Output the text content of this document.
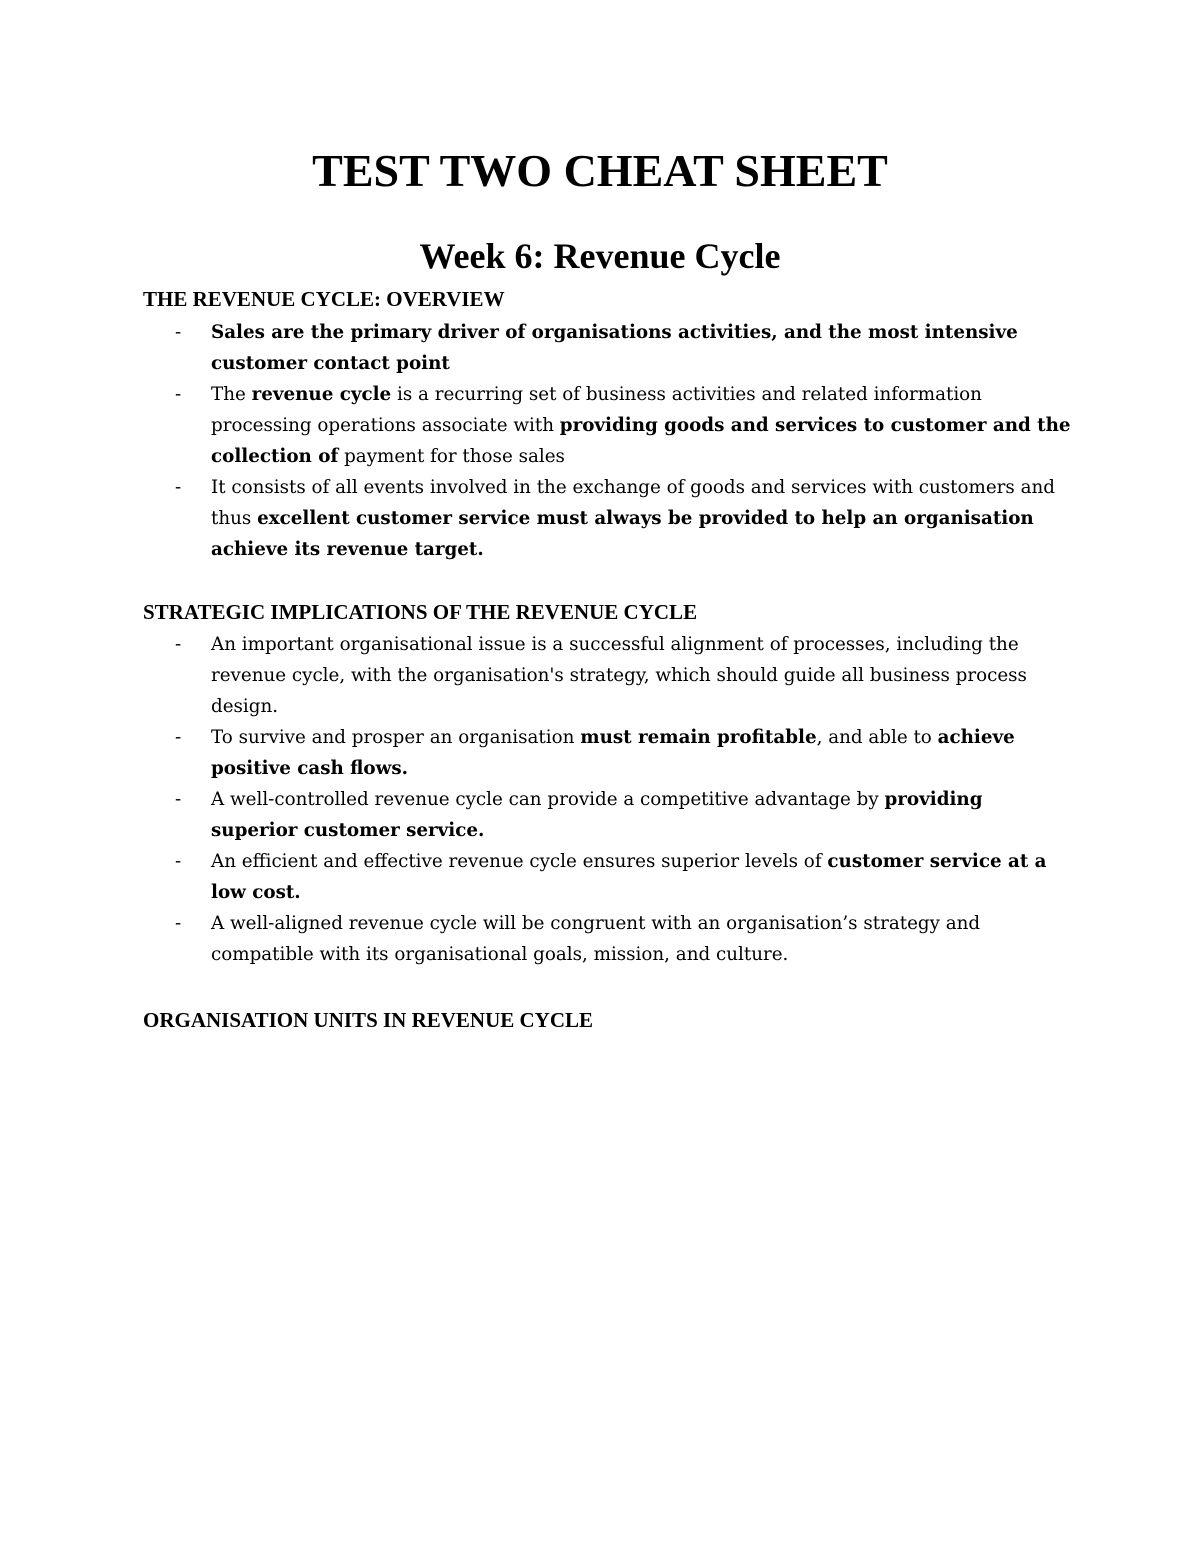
TEST TWO CHEAT SHEET
Week 6: Revenue Cycle
THE REVENUE CYCLE: OVERVIEW
- Sales are the primary driver of organisations activities, and the most intensive customer contact point
- The revenue cycle is a recurring set of business activities and related information processing operations associate with providing goods and services to customer and the collection of payment for those sales
- It consists of all events involved in the exchange of goods and services with customers and thus excellent customer service must always be provided to help an organisation achieve its revenue target.
STRATEGIC IMPLICATIONS OF THE REVENUE CYCLE
- An important organisational issue is a successful alignment of processes, including the revenue cycle, with the organisation's strategy, which should guide all business process design.
- To survive and prosper an organisation must remain profitable, and able to achieve positive cash flows.
- A well-controlled revenue cycle can provide a competitive advantage by providing superior customer service.
- An efficient and effective revenue cycle ensures superior levels of customer service at a low cost.
- A well-aligned revenue cycle will be congruent with an organisation’s strategy and compatible with its organisational goals, mission, and culture.
ORGANISATION UNITS IN REVENUE CYCLE
